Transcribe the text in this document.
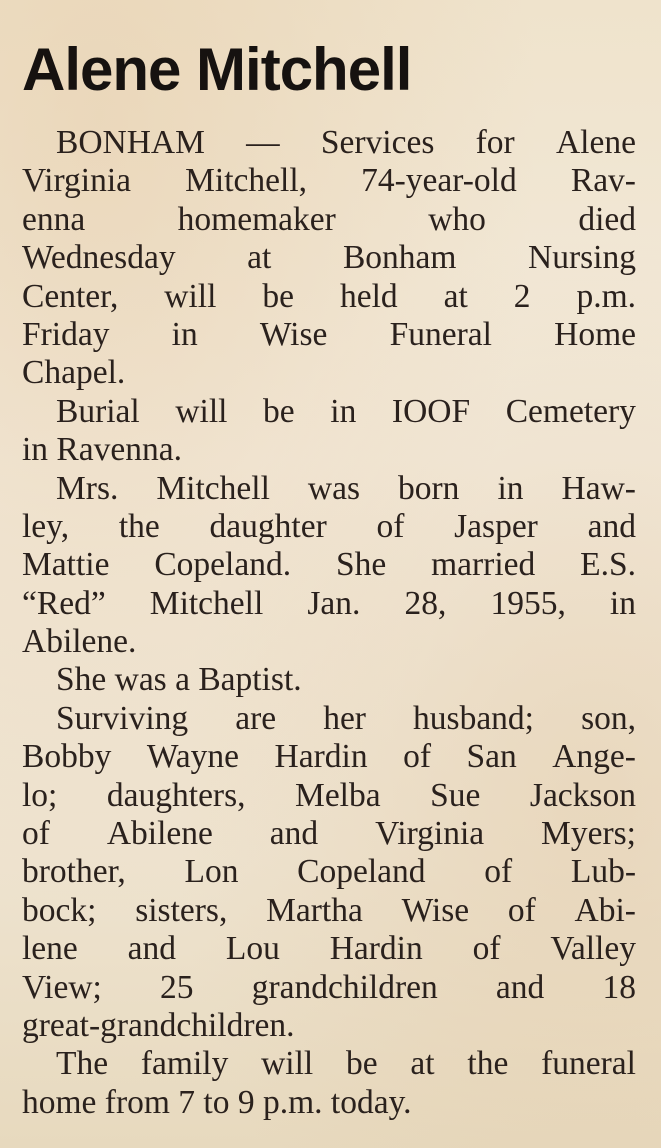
Alene Mitchell
BONHAM — Services for Alene
Virginia Mitchell, 74-year-old Rav-
enna	homemaker	who	died
Wednesday at Bonham Nursing
Center, will be held at 2 p.m.
Friday in Wise Funeral Home
Chapel.
Burial will be in IOOF Cemetery
in Ravenna.
Mrs. Mitchell was born in Haw-
ley, the daughter of Jasper and
Mattie Copeland. She married E.S.
“Red” Mitchell Jan. 28, 1955, in
Abilene.
She was a Baptist.
Surviving are her husband; son,
Bobby Wayne Hardin of San Ange-
lo; daughters, Melba Sue Jackson
of Abilene and Virginia Myers;
brother, Lon Copeland of Lub-
bock; sisters, Martha Wise of Abi-
lene and Lou Hardin of Valley
View; 25 grandchildren and 18
great-grandchildren.
The family will be at the funeral
home from 7 to 9 p.m. today.
